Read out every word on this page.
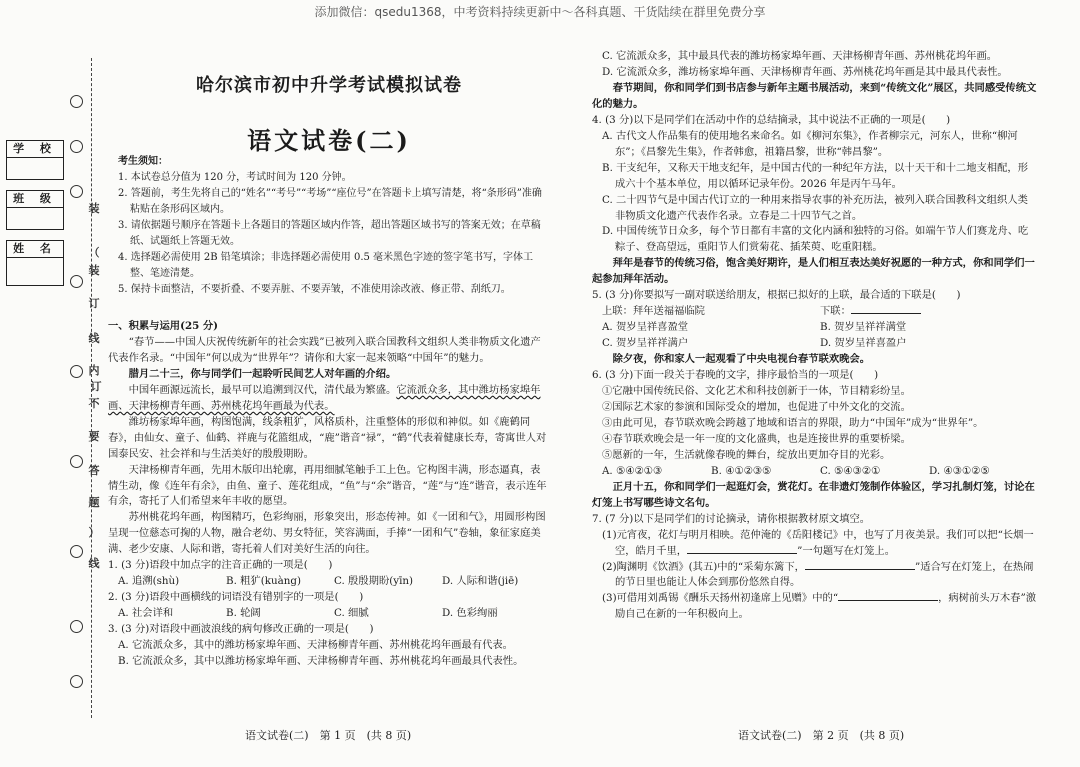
添加微信：qsedu1368，中考资料持续更新中～各科真题、干货陆续在群里免费分享
学 校
班 级
姓 名
装
（
装
订
线
内
不
要
答
题
）
订
线
哈尔滨市初中升学考试模拟试卷
语文试卷(二)

考生须知：

1. 本试卷总分值为 120 分，考试时间为 120 分钟。

2. 答题前，考生先将自己的“姓名”“考号”“考场”“座位号”在答题卡上填写清楚，将“条形码”准确粘贴在条形码区域内。

3. 请依据题号顺序在答题卡上各题目的答题区域内作答，超出答题区域书写的答案无效；在草稿纸、试题纸上答题无效。

4. 选择题必需使用 2B 铅笔填涂；非选择题必需使用 0.5 毫米黑色字迹的签字笔书写，字体工整、笔迹清楚。

5. 保持卡面整洁，不要折叠、不要弄脏、不要弄皱，不准使用涂改液、修正带、刮纸刀。

一、积累与运用(25 分)

“春节——中国人庆祝传统新年的社会实践”已被列入联合国教科文组织人类非物质文化遗产代表作名录。“中国年”何以成为“世界年”？请你和大家一起来领略“中国年”的魅力。

腊月二十三，你与同学们一起聆听民间艺人对年画的介绍。

中国年画源远流长，最早可以追溯到汉代，清代最为繁盛。它流派众多，其中潍坊杨家埠年画、天津杨柳青年画、苏州桃花坞年画最为代表。

潍坊杨家埠年画，构图饱满，线条粗犷，风格质朴，注重整体的形似和神似。如《鹿鹤同春》，由仙女、童子、仙鹤、祥鹿与花篮组成，“鹿”谐音“禄”，“鹤”代表着健康长寿，寄寓世人对国泰民安、社会祥和与生活美好的殷殷期盼。

天津杨柳青年画，先用木版印出轮廓，再用细腻笔触手工上色。它构图丰满，形态逼真，表情生动，像《连年有余》，由鱼、童子、莲花组成，“鱼”与“余”谐音，“莲”与“连”谐音，表示连年有余，寄托了人们希望来年丰收的愿望。

苏州桃花坞年画，构图精巧，色彩绚丽，形象突出，形态传神。如《一团和气》，用圆形构图呈现一位慈态可掬的人物，融合老幼、男女特征，笑容满面，手捧“一团和气”卷轴，象征家庭美满、老少安康、人际和谐，寄托着人们对美好生活的向往。

1. (3 分)语段中加点字的注音正确的一项是(　　)

A. 追溯(shù)	B. 粗犷(kuàng)	C. 殷殷期盼(yīn)	D. 人际和谐(jiē)

2. (3 分)语段中画横线的词语没有错别字的一项是(　　)

A. 社会详和	B. 轮阔	C. 细腻	D. 色彩绚丽

3. (3 分)对语段中画波浪线的病句修改正确的一项是(　　)

A. 它流派众多，其中的潍坊杨家埠年画、天津杨柳青年画、苏州桃花坞年画最有代表。

B. 它流派众多，其中以潍坊杨家埠年画、天津杨柳青年画、苏州桃花坞年画最具代表性。

C. 它流派众多，其中最具代表的潍坊杨家埠年画、天津杨柳青年画、苏州桃花坞年画。

D. 它流派众多，潍坊杨家埠年画、天津杨柳青年画、苏州桃花坞年画是其中最具代表性。

春节期间，你和同学们到书店参与新年主题书展活动，来到“传统文化”展区，共同感受传统文化的魅力。

4. (3 分)以下是同学们在活动中作的总结摘录，其中说法不正确的一项是(　　)

A. 古代文人作品集有的使用地名来命名。如《柳河东集》，作者柳宗元，河东人，世称“柳河东”；《昌黎先生集》，作者韩愈，祖籍昌黎，世称“韩昌黎”。

B. 干支纪年，又称天干地支纪年，是中国古代的一种纪年方法，以十天干和十二地支相配，形成六十个基本单位，用以循环记录年份。2026 年是丙午马年。

C. 二十四节气是中国古代订立的一种用来指导农事的补充历法，被列入联合国教科文组织人类非物质文化遗产代表作名录。立春是二十四节气之首。

D. 中国传统节日众多，每个节日都有丰富的文化内涵和独特的习俗。如端午节人们赛龙舟、吃粽子、登高望远，重阳节人们赏菊花、插茱萸、吃重阳糕。

拜年是春节的传统习俗，饱含美好期许，是人们相互表达美好祝愿的一种方式，你和同学们一起参加拜年活动。

5. (3 分)你要拟写一副对联送给朋友，根据已拟好的上联，最合适的下联是(　　)

上联：拜年送福福临院	下联：
A. 贺岁呈祥喜盈堂	B. 贺岁呈祥祥满堂
C. 贺岁呈祥祥满户	D. 贺岁呈祥喜盈户

除夕夜，你和家人一起观看了中央电视台春节联欢晚会。

6. (3 分)下面一段关于春晚的文字，排序最恰当的一项是(　　)

①它融中国传统民俗、文化艺术和科技创新于一体，节目精彩纷呈。

②国际艺术家的参演和国际受众的增加，也促进了中外文化的交流。

③由此可见，春节联欢晚会跨越了地域和语言的界限，助力“中国年”成为“世界年”。

④春节联欢晚会是一年一度的文化盛典，也是连接世界的重要桥梁。

⑤愿新的一年，生活就像春晚的舞台，绽放出更加夺目的光彩。

A. ⑤④②①③	B. ④①②③⑤	C. ⑤④③②①	D. ④③①②⑤

正月十五，你和同学们一起逛灯会，赏花灯。在非遗灯笼制作体验区，学习扎制灯笼，讨论在灯笼上书写哪些诗文名句。

7. (7 分)以下是同学们的讨论摘录，请你根据教材原文填空。

(1)元宵夜，花灯与明月相映。范仲淹的《岳阳楼记》中，也写了月夜美景。我们可以把“长烟一空，皓月千里，	”一句题写在灯笼上。

(2)陶渊明《饮酒》(其五)中的“采菊东篱下，	”适合写在灯笼上，在热闹的节日里也能让人体会到那份悠然自得。

(3)可借用刘禹锡《酬乐天扬州初逢席上见赠》中的“	，病树前头万木春”激励自己在新的一年积极向上。

语文试卷(二)　第 1 页　(共 8 页)	语文试卷(二)　第 2 页　(共 8 页)
